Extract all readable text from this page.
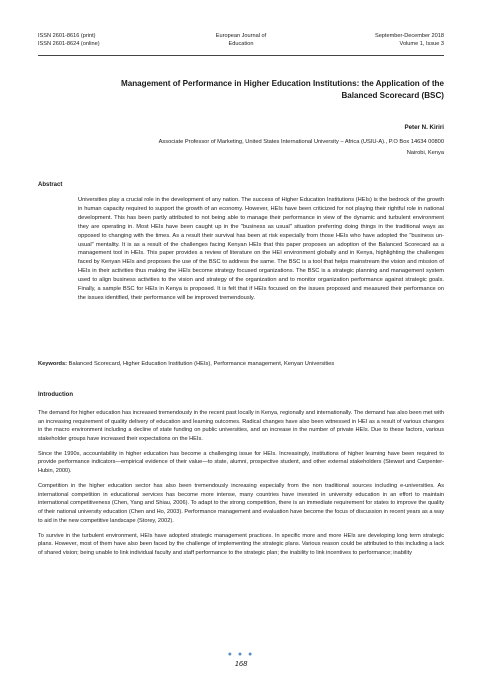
ISSN 2601-8616 (print)
ISSN 2601-8624 (online)
European Journal of
Education
September-December 2018
Volume 1, Issue 3
Management of Performance in Higher Education Institutions: the Application of the
Balanced Scorecard (BSC)
Peter N. Kiriri
Associate Professor of Marketing, United States International University – Africa (USIU-A)., P.O Box 14634 00800
Nairobi, Kenya
Abstract
Universities play a crucial role in the development of any nation. The success of Higher Education Institutions (HEIs) is the bedrock of the growth in human capacity required to support the growth of an economy. However, HEIs have been criticized for not playing their rightful role in national development. This has been partly attributed to not being able to manage their performance in view of the dynamic and turbulent environment they are operating in. Most HEIs have been caught up in the "business as usual" situation preferring doing things in the traditional ways as opposed to changing with the times. As a result their survival has been at risk especially from those HEIs who have adopted the "business un-usual" mentality. It is as a result of the challenges facing Kenyan HEIs that this paper proposes an adoption of the Balanced Scorecard as a management tool in HEIs. This paper provides a review of literature on the HEI environment globally and in Kenya, highlighting the challenges faced by Kenyan HEIs and proposes the use of the BSC to address the same. The BSC is a tool that helps mainstream the vision and mission of HEIs in their activities thus making the HEIs become strategy focused organizations. The BSC is a strategic planning and management system used to align business activities to the vision and strategy of the organization and to monitor organization performance against strategic goals. Finally, a sample BSC for HEIs in Kenya is proposed. It is felt that if HEIs focused on the issues proposed and measured their performance on the issues identified, their performance will be improved tremendously.
Keywords: Balanced Scorecard, Higher Education Institution (HEIs), Performance management, Kenyan Universities
Introduction

The demand for higher education has increased tremendously in the recent past locally in Kenya, regionally and internationally. The demand has also been met with an increasing requirement of quality delivery of education and learning outcomes. Radical changes have also been witnessed in HEI as a result of various changes in the macro environment including a decline of state funding on public universities, and an increase in the number of private HEIs. Due to these factors, various stakeholder groups have increased their expectations on the HEIs.

Since the 1990s, accountability in higher education has become a challenging issue for HEIs. Increasingly, institutions of higher learning have been required to provide performance indicators—empirical evidence of their value—to state, alumni, prospective student, and other external stakeholders (Stewart and Carpenter-Hubin, 2000).

Competition in the higher education sector has also been tremendously increasing especially from the non traditional sources including e-universities. As international competition in educational services has become more intense, many countries have invested in university education in an effort to maintain international competitiveness (Chen, Yang and Shiau, 2006). To adapt to the strong competition, there is an immediate requirement for states to improve the quality of their national university education (Chen and Ho, 2003). Performance management and evaluation have become the focus of discussion in recent years as a way to aid in the new competitive landscape (Storey, 2002).

To survive in the turbulent environment, HEIs have adopted strategic management practices. In specific more and more HEIs are developing long term strategic plans. However, most of them have also been faced by the challenge of implementing the strategic plans. Various reason could be attributed to this including a lack of shared vision; being unable to link individual faculty and staff performance to the strategic plan; the inability to link incentives to performance; inability

● ● ●
168
